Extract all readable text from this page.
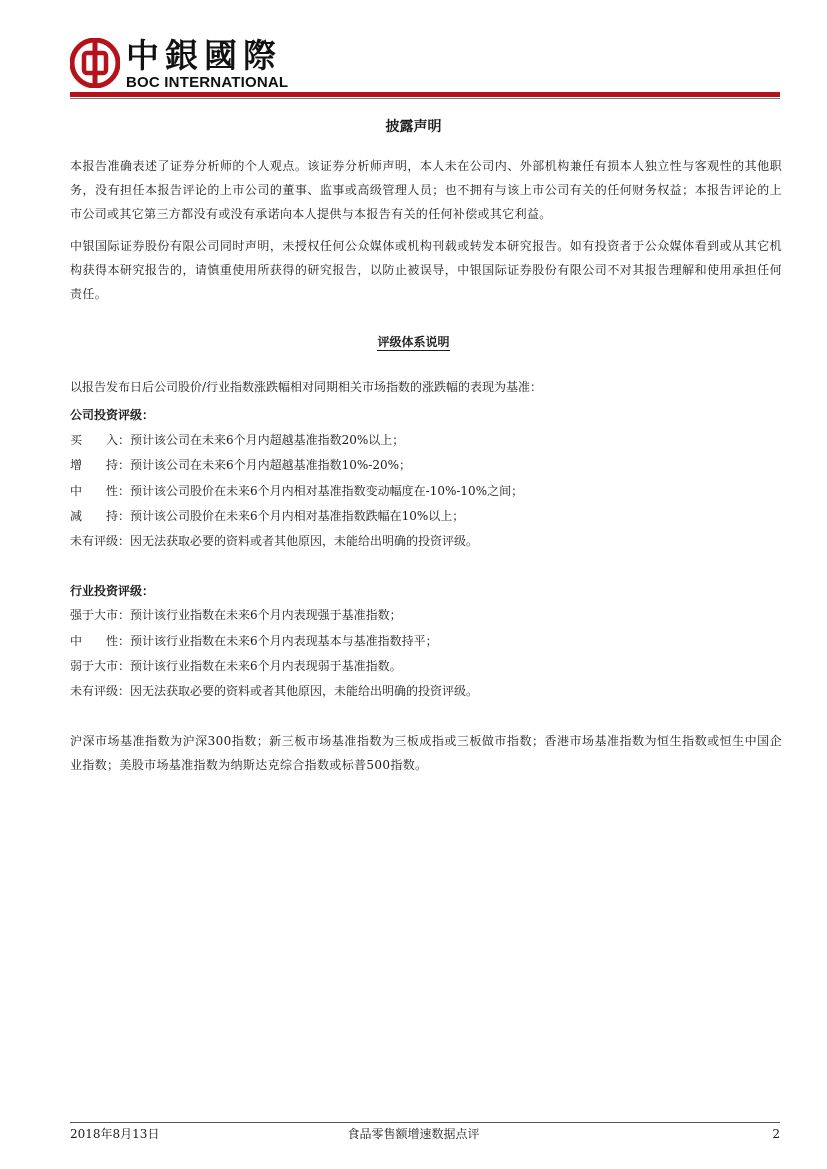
中銀國際
BOC INTERNATIONAL
披露声明
本报告准确表述了证券分析师的个人观点。该证券分析师声明，本人未在公司内、外部机构兼任有损本人独立性与客观性的其他职务，没有担任本报告评论的上市公司的董事、监事或高级管理人员；也不拥有与该上市公司有关的任何财务权益；本报告评论的上市公司或其它第三方都没有或没有承诺向本人提供与本报告有关的任何补偿或其它利益。
中银国际证券股份有限公司同时声明，未授权任何公众媒体或机构刊载或转发本研究报告。如有投资者于公众媒体看到或从其它机构获得本研究报告的，请慎重使用所获得的研究报告，以防止被误导，中银国际证券股份有限公司不对其报告理解和使用承担任何责任。
评级体系说明
以报告发布日后公司股价/行业指数涨跌幅相对同期相关市场指数的涨跌幅的表现为基准：
公司投资评级：
买　　入：预计该公司在未来6个月内超越基准指数20%以上；
增　　持：预计该公司在未来6个月内超越基准指数10%-20%；
中　　性：预计该公司股价在未来6个月内相对基准指数变动幅度在-10%-10%之间；
减　　持：预计该公司股价在未来6个月内相对基准指数跌幅在10%以上；
未有评级：因无法获取必要的资料或者其他原因，未能给出明确的投资评级。
行业投资评级：
强于大市：预计该行业指数在未来6个月内表现强于基准指数；
中　　性：预计该行业指数在未来6个月内表现基本与基准指数持平；
弱于大市：预计该行业指数在未来6个月内表现弱于基准指数。
未有评级：因无法获取必要的资料或者其他原因，未能给出明确的投资评级。
沪深市场基准指数为沪深300指数；新三板市场基准指数为三板成指或三板做市指数；香港市场基准指数为恒生指数或恒生中国企业指数；美股市场基准指数为纳斯达克综合指数或标普500指数。
2018年8月13日	食品零售额增速数据点评	2
